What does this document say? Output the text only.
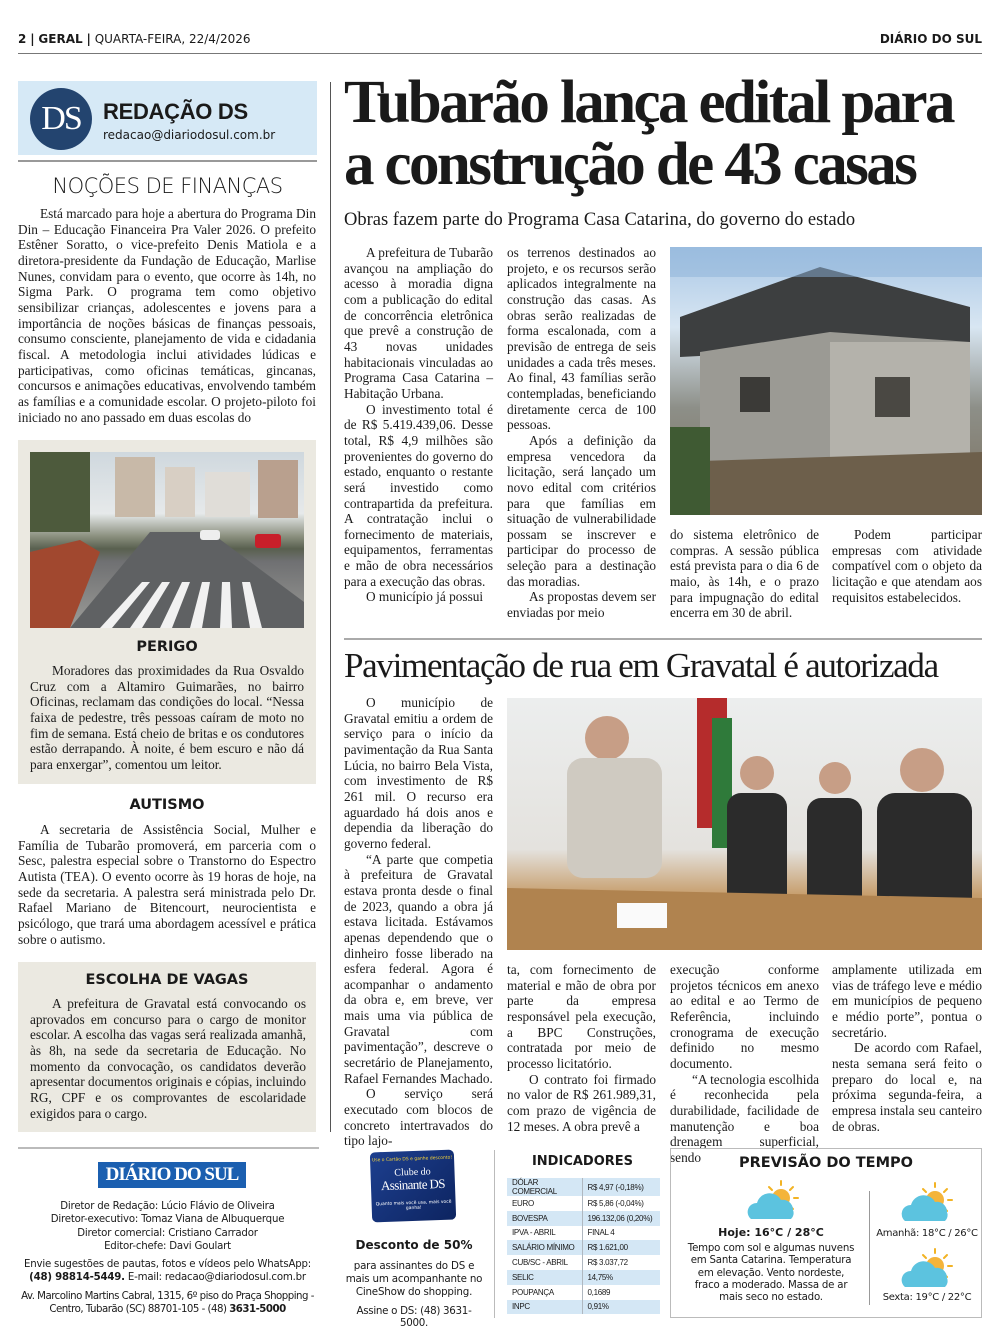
2 | GERAL | QUARTA-FEIRA, 22/4/2026	DIÁRIO DO SUL
DS	REDAÇÃO DS
redacao@diariodosul.com.br
NOÇÕES DE FINANÇAS

Está marcado para hoje a abertura do Programa Din Din – Educação Financeira Pra Valer 2026. O prefeito Estêner Soratto, o vice-prefeito Denis Matiola e a diretora-presidente da Fundação de Educação, Marlise Nunes, convidam para o evento, que ocorre às 14h, no Sigma Park. O programa tem como objetivo sensibilizar crianças, adolescentes e jovens para a importância de noções básicas de finanças pessoais, consumo consciente, planejamento de vida e cidadania fiscal. A metodologia inclui atividades lúdicas e participativas, como oficinas temáticas, gincanas, concursos e animações educativas, envolvendo também as famílias e a comunidade escolar. O projeto-piloto foi iniciado no ano passado em duas escolas do

PERIGO

Moradores das proximidades da Rua Osvaldo Cruz com a Altamiro Guimarães, no bairro Oficinas, reclamam das condições do local. “Nessa faixa de pedestre, três pessoas caíram de moto no fim de semana. Está cheio de britas e os condutores estão derrapando. À noite, é bem escuro e não dá para enxergar”, comentou um leitor.

AUTISMO

A secretaria de Assistência Social, Mulher e Família de Tubarão promoverá, em parceria com o Sesc, palestra especial sobre o Transtorno do Espectro Autista (TEA). O evento ocorre às 19 horas de hoje, na sede da secretaria. A palestra será ministrada pelo Dr. Rafael Mariano de Bitencourt, neurocientista e psicólogo, que trará uma abordagem acessível e prática sobre o autismo.

ESCOLHA DE VAGAS

A prefeitura de Gravatal está convocando os aprovados em concurso para o cargo de monitor escolar. A escolha das vagas será realizada amanhã, às 8h, na sede da secretaria de Educação. No momento da convocação, os candidatos deverão apresentar documentos originais e cópias, incluindo RG, CPF e os comprovantes de escolaridade exigidos para o cargo.

DIÁRIO DO SUL
Diretor de Redação: Lúcio Flávio de Oliveira
Diretor-executivo: Tomaz Viana de Albuquerque
Diretor comercial: Cristiano Carrador
Editor-chefe: Davi Goulart
Envie sugestões de pautas, fotos e vídeos pelo WhatsApp:
(48) 98814-5449. E-mail: redacao@diariodosul.com.br
Av. Marcolino Martins Cabral, 1315, 6º piso do Praça Shopping - Centro, Tubarão (SC) 88701-105 - (48) 3631-5000
Tubarão lança edital para
a construção de 43 casas
Obras fazem parte do Programa Casa Catarina, do governo do estado

A prefeitura de Tubarão avançou na ampliação do acesso à moradia digna com a publicação do edital de concorrência eletrônica que prevê a construção de 43 novas unidades habitacionais vinculadas ao Programa Casa Catarina – Habitação Urbana.

O investimento total é de R$ 5.419.439,06. Desse total, R$ 4,9 milhões são provenientes do governo do estado, enquanto o restante será investido como contrapartida da prefeitura. A contratação inclui o fornecimento de materiais, equipamentos, ferramentas e mão de obra necessários para a execução das obras.

O município já possui

os terrenos destinados ao projeto, e os recursos serão aplicados integralmente na construção das casas. As obras serão realizadas de forma escalonada, com a previsão de entrega de seis unidades a cada três meses. Ao final, 43 famílias serão contempladas, beneficiando diretamente cerca de 100 pessoas.

Após a definição da empresa vencedora da licitação, será lançado um novo edital com critérios para que famílias em situação de vulnerabilidade possam se inscrever e participar do processo de seleção para a destinação das moradias.

As propostas devem ser enviadas por meio

do sistema eletrônico de compras. A sessão pública está prevista para o dia 6 de maio, às 14h, e o prazo para impugnação do edital encerra em 30 de abril.

Podem participar empresas com atividade compatível com o objeto da licitação e que atendam aos requisitos estabelecidos.

Pavimentação de rua em Gravatal é autorizada

O município de Gravatal emitiu a ordem de serviço para o início da pavimentação da Rua Santa Lúcia, no bairro Bela Vista, com investimento de R$ 261 mil. O recurso era aguardado há dois anos e dependia da liberação do governo federal.

“A parte que competia à prefeitura de Gravatal estava pronta desde o final de 2023, quando a obra já estava licitada. Estávamos apenas dependendo que o dinheiro fosse liberado na esfera federal. Agora é acompanhar o andamento da obra e, em breve, ver mais uma via pública de Gravatal com pavimentação”, descreve o secretário de Planejamento, Rafael Fernandes Machado.

O serviço será executado com blocos de concreto intertravados do tipo lajo-

ta, com fornecimento de material e mão de obra por parte da empresa responsável pela execução, a BPC Construções, contratada por meio de processo licitatório.

O contrato foi firmado no valor de R$ 261.989,31, com prazo de vigência de 12 meses. A obra prevê a

execução conforme projetos técnicos em anexo ao edital e ao Termo de Referência, incluindo cronograma de execução definido no mesmo documento.

“A tecnologia escolhida é reconhecida pela durabilidade, facilidade de manutenção e boa drenagem superficial, sendo

amplamente utilizada em vias de tráfego leve e médio em municípios de pequeno e médio porte”, pontua o secretário.

De acordo com Rafael, nesta semana será feito o preparo do local e, na próxima segunda-feira, a empresa instala seu canteiro de obras.

Use o Cartão DS e ganhe desconto!
Clube do
Assinante DS
Quanto mais você usa, mais você ganha!
Desconto de 50%
para assinantes do DS e mais um acompanhante no CineShow do shopping.
Assine o DS: (48) 3631-5000.
INDICADORES
DÓLAR COMERCIAL	R$ 4,97 (-0,18%)
EURO	R$ 5,86 (-0,04%)
BOVESPA	196.132,06 (0,20%)
IPVA - ABRIL	FINAL 4
SALÁRIO MÍNIMO	R$ 1.621,00
CUB/SC - ABRIL	R$ 3.037,72
SELIC	14,75%
POUPANÇA	0,1689
INPC	0,91%
PREVISÃO DO TEMPO
Hoje: 16°C / 28°C
Tempo com sol e algumas nuvens em Santa Catarina. Temperatura em elevação. Vento nordeste, fraco a moderado. Massa de ar mais seco no estado.
Amanhã: 18°C / 26°C
Sexta: 19°C / 22°C
